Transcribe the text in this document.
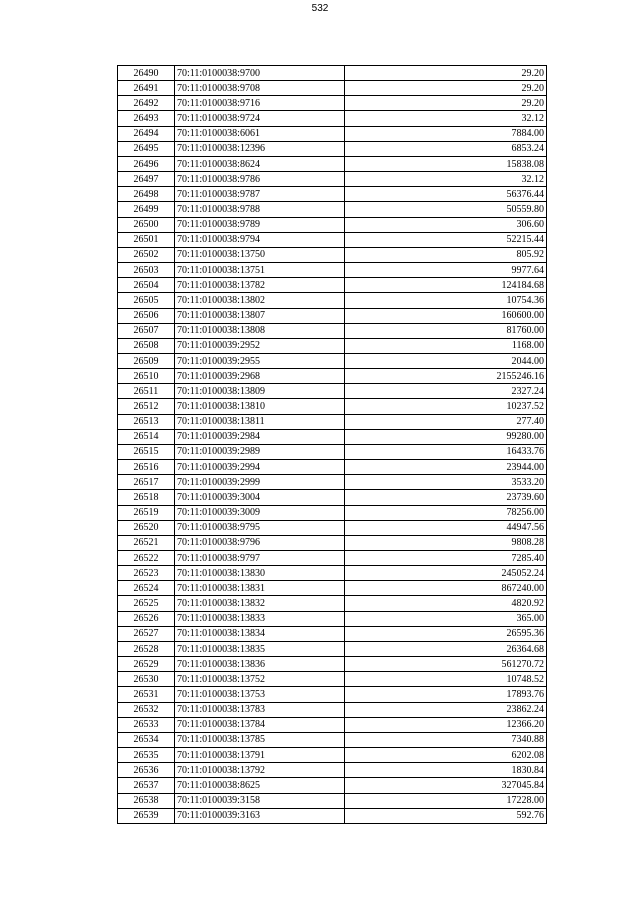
532
26490	70:11:0100038:9700	29.20
26491	70:11:0100038:9708	29.20
26492	70:11:0100038:9716	29.20
26493	70:11:0100038:9724	32.12
26494	70:11:0100038:6061	7884.00
26495	70:11:0100038:12396	6853.24
26496	70:11:0100038:8624	15838.08
26497	70:11:0100038:9786	32.12
26498	70:11:0100038:9787	56376.44
26499	70:11:0100038:9788	50559.80
26500	70:11:0100038:9789	306.60
26501	70:11:0100038:9794	52215.44
26502	70:11:0100038:13750	805.92
26503	70:11:0100038:13751	9977.64
26504	70:11:0100038:13782	124184.68
26505	70:11:0100038:13802	10754.36
26506	70:11:0100038:13807	160600.00
26507	70:11:0100038:13808	81760.00
26508	70:11:0100039:2952	1168.00
26509	70:11:0100039:2955	2044.00
26510	70:11:0100039:2968	2155246.16
26511	70:11:0100038:13809	2327.24
26512	70:11:0100038:13810	10237.52
26513	70:11:0100038:13811	277.40
26514	70:11:0100039:2984	99280.00
26515	70:11:0100039:2989	16433.76
26516	70:11:0100039:2994	23944.00
26517	70:11:0100039:2999	3533.20
26518	70:11:0100039:3004	23739.60
26519	70:11:0100039:3009	78256.00
26520	70:11:0100038:9795	44947.56
26521	70:11:0100038:9796	9808.28
26522	70:11:0100038:9797	7285.40
26523	70:11:0100038:13830	245052.24
26524	70:11:0100038:13831	867240.00
26525	70:11:0100038:13832	4820.92
26526	70:11:0100038:13833	365.00
26527	70:11:0100038:13834	26595.36
26528	70:11:0100038:13835	26364.68
26529	70:11:0100038:13836	561270.72
26530	70:11:0100038:13752	10748.52
26531	70:11:0100038:13753	17893.76
26532	70:11:0100038:13783	23862.24
26533	70:11:0100038:13784	12366.20
26534	70:11:0100038:13785	7340.88
26535	70:11:0100038:13791	6202.08
26536	70:11:0100038:13792	1830.84
26537	70:11:0100038:8625	327045.84
26538	70:11:0100039:3158	17228.00
26539	70:11:0100039:3163	592.76
